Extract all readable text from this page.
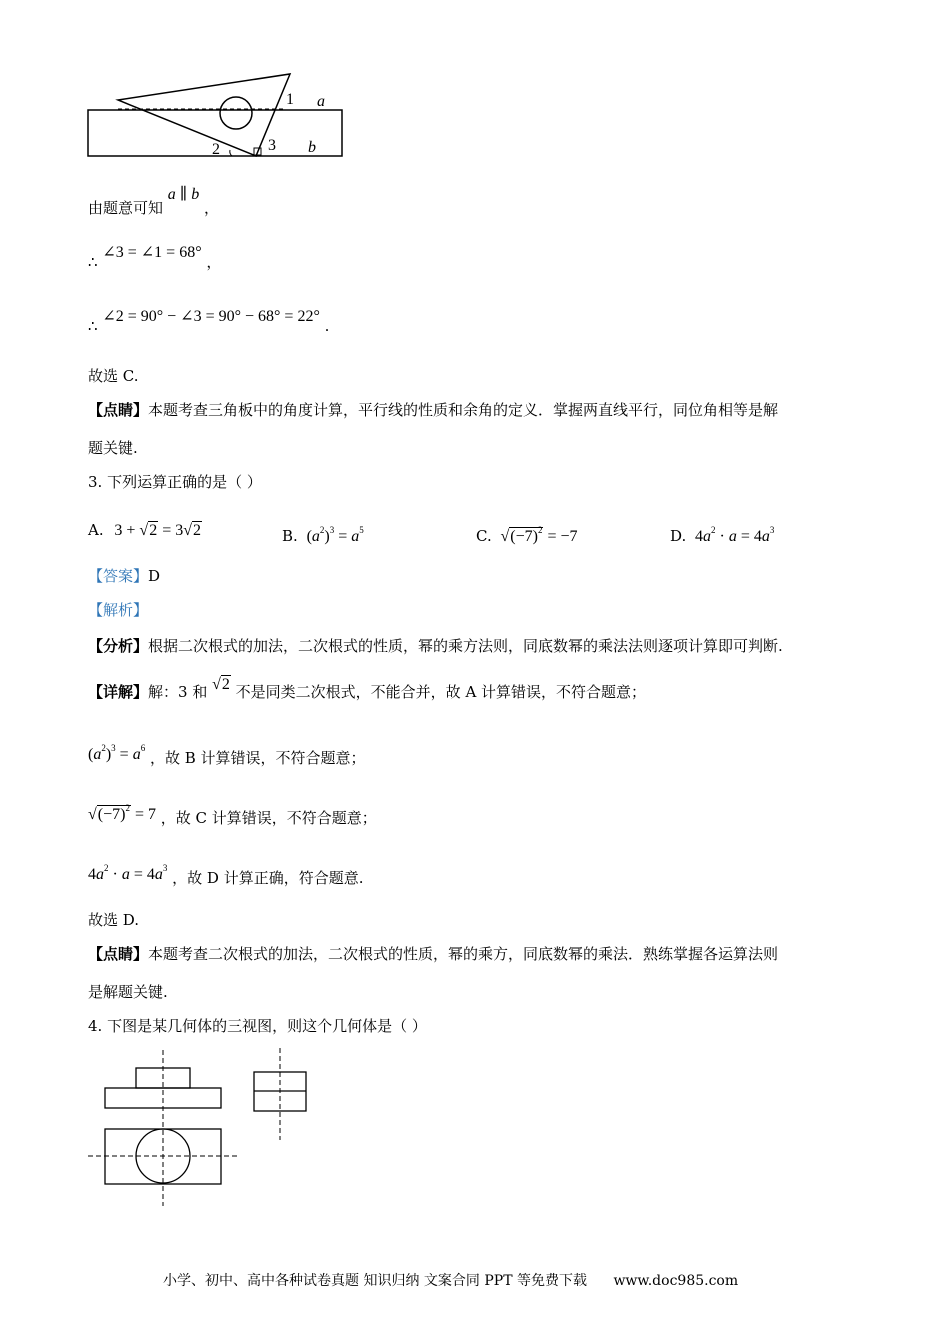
1 a
2	3 b
由题意可知 a ∥ b ，
∴ ∠3 = ∠1 = 68° ，
∴ ∠2 = 90° − ∠3 = 90° − 68° = 22° .
故选 C.
【点睛】本题考查三角板中的角度计算，平行线的性质和余角的定义．掌握两直线平行，同位角相等是解
题关键.
3. 下列运算正确的是（ ）
A. 3 + √2 = 3√2	B. $(a^2)^3 = a^5$	C. $√(-7)^2 = -7$	D. $4a^2 \cdot a = 4a^3$
【答案】D
【解析】
【分析】根据二次根式的加法，二次根式的性质，幂的乘方法则，同底数幂的乘法法则逐项计算即可判断.
【详解】解：3 和 √2 不是同类二次根式，不能合并，故 A 计算错误，不符合题意；
$(a^2)^3 = a^6$ ，故 B 计算错误，不符合题意；
$√(-7)^2 = 7$ ，故 C 计算错误，不符合题意；
$4a^2 \cdot a = 4a^3$ ，故 D 计算正确，符合题意.
故选 D.
【点睛】本题考查二次根式的加法，二次根式的性质，幂的乘方，同底数幂的乘法．熟练掌握各运算法则
是解题关键.
4. 下图是某几何体的三视图，则这个几何体是（ ）
小学、初中、高中各种试卷真题 知识归纳 文案合同 PPT 等免费下载 www.doc985.com
